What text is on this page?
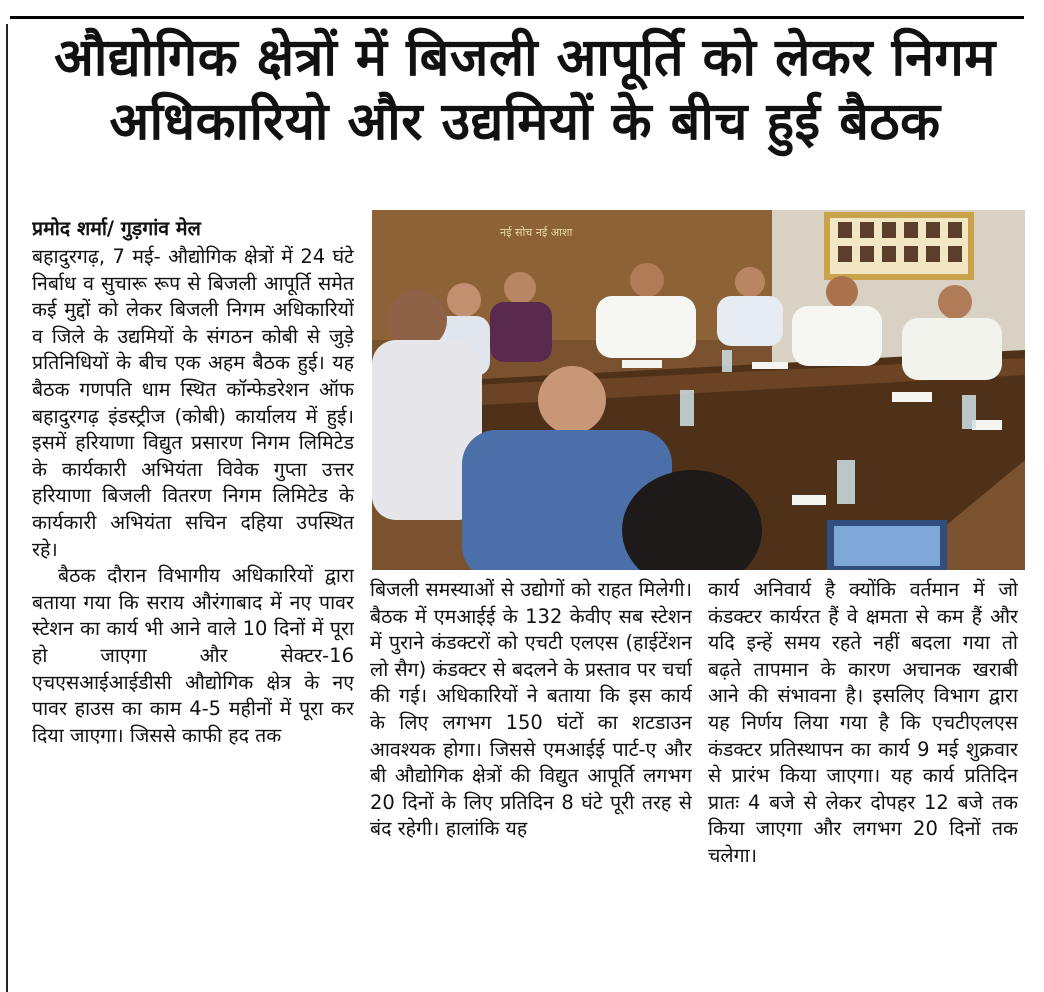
औद्योगिक क्षेत्रों में बिजली आपूर्ति को लेकर निगम
अधिकारियो और उद्यमियों के बीच हुई बैठक
प्रमोद शर्मा/ गुड़गांव मेल

बहादुरगढ़, 7 मई- औद्योगिक क्षेत्रों में 24 घंटे निर्बाध व सुचारू रूप से बिजली आपूर्ति समेत कई मुद्दों को लेकर बिजली निगम अधिकारियों व जिले के उद्यमियों के संगठन कोबी से जुड़े प्रतिनिधियों के बीच एक अहम बैठक हुई। यह बैठक गणपति धाम स्थित कॉन्फेडरेशन ऑफ बहादुरगढ़ इंडस्ट्रीज (कोबी) कार्यालय में हुई। इसमें हरियाणा विद्युत प्रसारण निगम लिमिटेड के कार्यकारी अभियंता विवेक गुप्ता उत्तर हरियाणा बिजली वितरण निगम लिमिटेड के कार्यकारी अभियंता सचिन दहिया उपस्थित रहे।

बैठक दौरान विभागीय अधिकारियों द्वारा बताया गया कि सराय औरंगाबाद में नए पावर स्टेशन का कार्य भी आने वाले 10 दिनों में पूरा हो जाएगा और सेक्टर-16 एचएसआईआईडीसी औद्योगिक क्षेत्र के नए पावर हाउस का काम 4-5 महीनों में पूरा कर दिया जाएगा। जिससे काफी हद तक

नई सोच नई आशा

बिजली समस्याओं से उद्योगों को राहत मिलेगी। बैठक में एमआईई के 132 केवीए सब स्टेशन में पुराने कंडक्टरों को एचटी एलएस (हाईटेंशन लो सैग) कंडक्टर से बदलने के प्रस्ताव पर चर्चा की गई। अधिकारियों ने बताया कि इस कार्य के लिए लगभग 150 घंटों का शटडाउन आवश्यक होगा। जिससे एमआईई पार्ट-ए और बी औद्योगिक क्षेत्रों की विद्युत आपूर्ति लगभग 20 दिनों के लिए प्रतिदिन 8 घंटे पूरी तरह से बंद रहेगी। हालांकि यह

कार्य अनिवार्य है क्योंकि वर्तमान में जो कंडक्टर कार्यरत हैं वे क्षमता से कम हैं और यदि इन्हें समय रहते नहीं बदला गया तो बढ़ते तापमान के कारण अचानक खराबी आने की संभावना है। इसलिए विभाग द्वारा यह निर्णय लिया गया है कि एचटीएलएस कंडक्टर प्रतिस्थापन का कार्य 9 मई शुक्रवार से प्रारंभ किया जाएगा। यह कार्य प्रतिदिन प्रातः 4 बजे से लेकर दोपहर 12 बजे तक किया जाएगा और लगभग 20 दिनों तक चलेगा।
